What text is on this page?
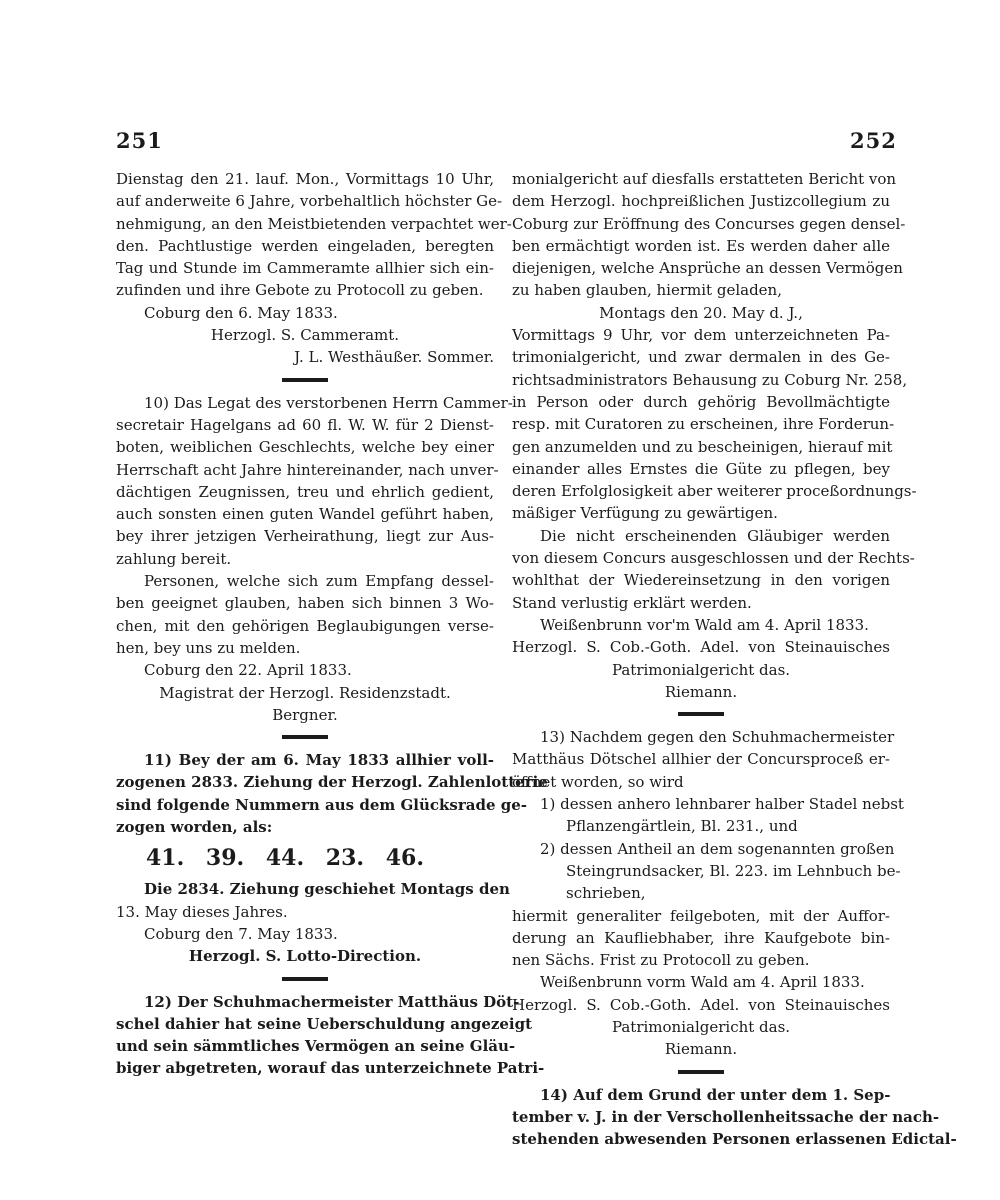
251	252
Dienstag den 21. lauf. Mon., Vormittags 10 Uhr,
auf anderweite 6 Jahre, vorbehaltlich höchster Ge-
nehmigung, an den Meistbietenden verpachtet wer-
den. Pachtlustige werden eingeladen, beregten
Tag und Stunde im Cammeramte allhier sich ein-
zufinden und ihre Gebote zu Protocoll zu geben.
Coburg den 6. May 1833.
Herzogl. S. Cammeramt.
J. L. Westhäußer. Sommer.
10) Das Legat des verstorbenen Herrn Cammer-
secretair Hagelgans ad 60 fl. W. W. für 2 Dienst-
boten, weiblichen Geschlechts, welche bey einer
Herrschaft acht Jahre hintereinander, nach unver-
dächtigen Zeugnissen, treu und ehrlich gedient,
auch sonsten einen guten Wandel geführt haben,
bey ihrer jetzigen Verheirathung, liegt zur Aus-
zahlung bereit.
Personen, welche sich zum Empfang dessel-
ben geeignet glauben, haben sich binnen 3 Wo-
chen, mit den gehörigen Beglaubigungen verse-
hen, bey uns zu melden.
Coburg den 22. April 1833.
Magistrat der Herzogl. Residenzstadt.
Bergner.
11) Bey der am 6. May 1833 allhier voll-
zogenen 2833. Ziehung der Herzogl. Zahlenlotterie
sind folgende Nummern aus dem Glücksrade ge-
zogen worden, als:
41. 39. 44. 23. 46.
Die 2834. Ziehung geschiehet Montags den
13. May dieses Jahres.
Coburg den 7. May 1833.
Herzogl. S. Lotto-Direction.
12) Der Schuhmachermeister Matthäus Döt-
schel dahier hat seine Ueberschuldung angezeigt
und sein sämmtliches Vermögen an seine Gläu-
biger abgetreten, worauf das unterzeichnete Patri-
monialgericht auf diesfalls erstatteten Bericht von
dem Herzogl. hochpreißlichen Justizcollegium zu
Coburg zur Eröffnung des Concurses gegen densel-
ben ermächtigt worden ist. Es werden daher alle
diejenigen, welche Ansprüche an dessen Vermögen
zu haben glauben, hiermit geladen,
Montags den 20. May d. J.,
Vormittags 9 Uhr, vor dem unterzeichneten Pa-
trimonialgericht, und zwar dermalen in des Ge-
richtsadministrators Behausung zu Coburg Nr. 258,
in Person oder durch gehörig Bevollmächtigte
resp. mit Curatoren zu erscheinen, ihre Forderun-
gen anzumelden und zu bescheinigen, hierauf mit
einander alles Ernstes die Güte zu pflegen, bey
deren Erfolglosigkeit aber weiterer proceßordnungs-
mäßiger Verfügung zu gewärtigen.
Die nicht erscheinenden Gläubiger werden
von diesem Concurs ausgeschlossen und der Rechts-
wohlthat der Wiedereinsetzung in den vorigen
Stand verlustig erklärt werden.
Weißenbrunn vor'm Wald am 4. April 1833.
Herzogl. S. Cob.-Goth. Adel. von Steinauisches
Patrimonialgericht das.
Riemann.
13) Nachdem gegen den Schuhmachermeister
Matthäus Dötschel allhier der Concursproceß er-
öffnet worden, so wird
1) dessen anhero lehnbarer halber Stadel nebst
Pflanzengärtlein, Bl. 231., und
2) dessen Antheil an dem sogenannten großen
Steingrundsacker, Bl. 223. im Lehnbuch be-
schrieben,
hiermit generaliter feilgeboten, mit der Auffor-
derung an Kaufliebhaber, ihre Kaufgebote bin-
nen Sächs. Frist zu Protocoll zu geben.
Weißenbrunn vorm Wald am 4. April 1833.
Herzogl. S. Cob.-Goth. Adel. von Steinauisches
Patrimonialgericht das.
Riemann.
14) Auf dem Grund der unter dem 1. Sep-
tember v. J. in der Verschollenheitssache der nach-
stehenden abwesenden Personen erlassenen Edictal-
